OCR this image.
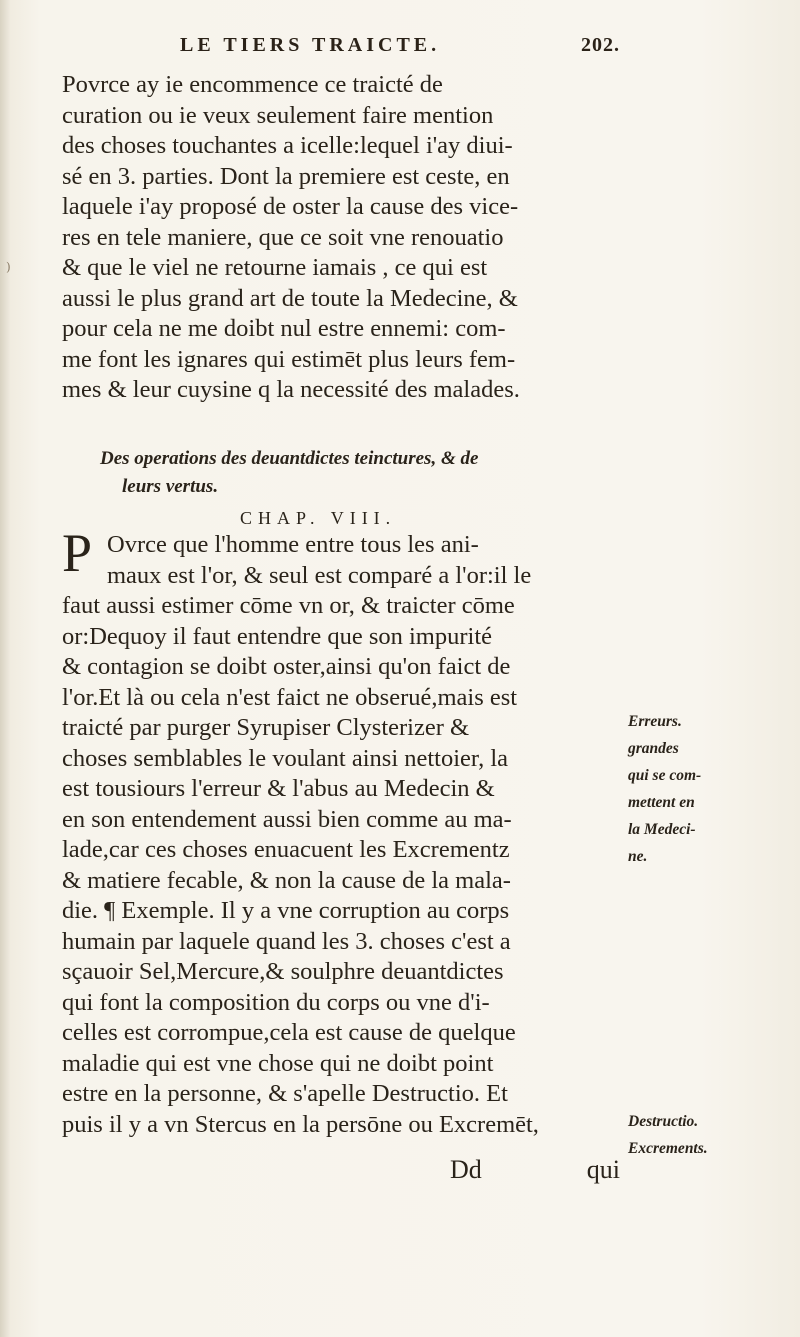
)
LE TIERS TRAICTE.	202.
Povrce ay ie encommence ce traicté de
curation ou ie veux seulement faire mention
des choses touchantes a icelle:lequel i'ay diui-
sé en 3. parties. Dont la premiere est ceste, en
laquele i'ay proposé de oster la cause des vice-
res en tele maniere, que ce soit vne renouatio
& que le viel ne retourne iamais , ce qui est
aussi le plus grand art de toute la Medecine, &
pour cela ne me doibt nul estre ennemi: com-
me font les ignares qui estimēt plus leurs fem-
mes & leur cuysine q la necessité des malades.
Des operations des deuantdictes teinctures, & de
leurs vertus.
CHAP. VIII.
P Ovrce que l'homme entre tous les ani-
maux est l'or, & seul est comparé a l'or:il le
faut aussi estimer cōme vn or, & traicter cōme
or:Dequoy il faut entendre que son impurité
& contagion se doibt oster,ainsi qu'on faict de
l'or.Et là ou cela n'est faict ne obserué,mais est
traicté par purger Syrupiser Clysterizer &
choses semblables le voulant ainsi nettoier, la
est tousiours l'erreur & l'abus au Medecin &
en son entendement aussi bien comme au ma-
lade,car ces choses enuacuent les Excrementz
& matiere fecable, & non la cause de la mala-
die. ¶ Exemple. Il y a vne corruption au corps
humain par laquele quand les 3. choses c'est a
sçauoir Sel,Mercure,& soulphre deuantdictes
qui font la composition du corps ou vne d'i-
celles est corrompue,cela est cause de quelque
maladie qui est vne chose qui ne doibt point
estre en la personne, & s'apelle Destructio. Et
puis il y a vn Stercus en la persōne ou Excremēt,
Dd	qui
Erreurs.
grandes
qui se com-
mettent en
la Medeci-
ne.
Destructio.
Excrements.
